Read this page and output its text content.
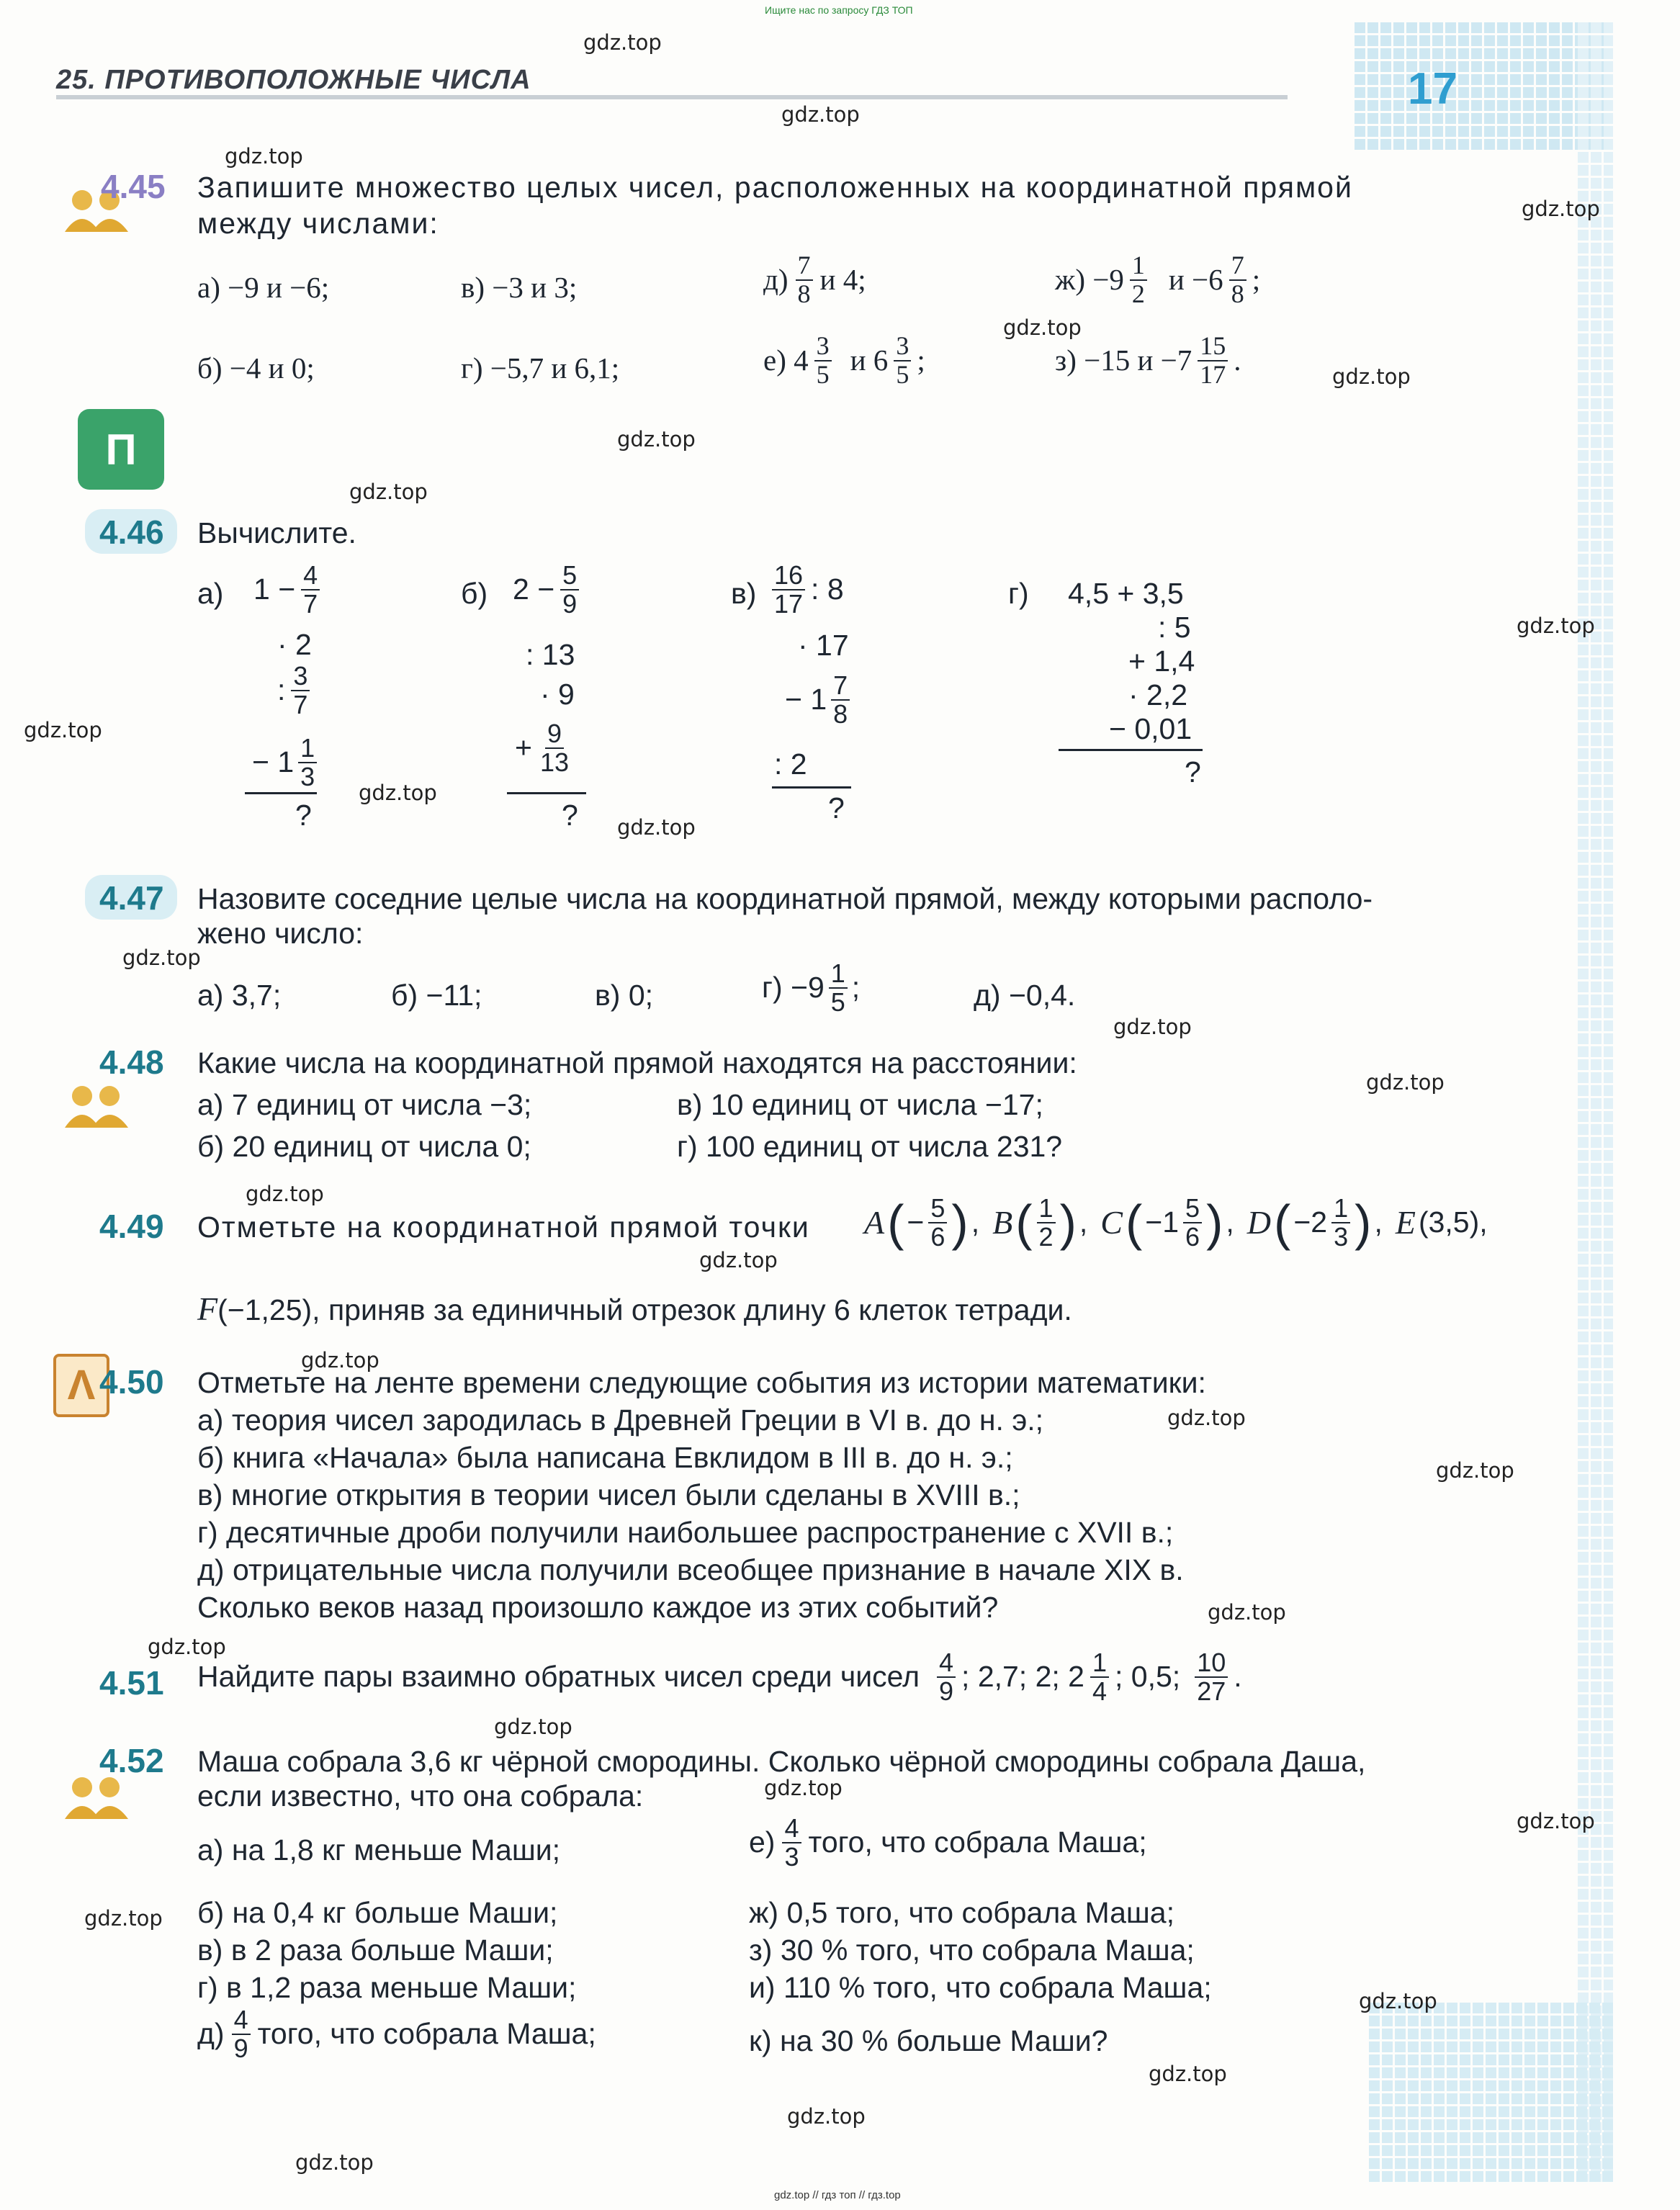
Ищите нас по запросу ГДЗ ТОП
25. ПРОТИВОПОЛОЖНЫЕ ЧИСЛА	17
gdz.top
gdz.top
gdz.top
gdz.top
gdz.top
gdz.top
gdz.top
gdz.top
gdz.top
gdz.top
gdz.top
gdz.top
gdz.top
gdz.top
gdz.top
gdz.top
gdz.top
gdz.top
gdz.top
gdz.top
gdz.top
gdz.top
gdz.top
gdz.top
gdz.top
gdz.top
gdz.top
gdz.top
gdz.top
gdz.top
П
Λ
4.45 Запишите множество целых чисел, расположенных на координатной прямой
между числами:
а) −9 и −6;	в) −3 и 3;	$д) \frac{7}{8}$ и 4;	$ж) -9 \frac{1}{2}$ $и -6 \frac{7}{8}$ ;
б) −4 и 0;	г) −5,7 и 6,1;	е) $4 \frac{3}{5}$ и $6 \frac{3}{5}$ ;	з) −15 $и -7 \frac{15}{17}$ .
4.46 Вычислите.
а) $1 - \frac{4}{7}$
· 2
: $\frac{3}{7}$
− $1 \frac{1}{3}$
?
б) $2 - \frac{5}{9}$
: 13
· 9
+ $\frac{9}{13}$
?
$в) \frac{16}{17}$ : 8
· 17
− $1 \frac{7}{8}$
: 2
?
г) 4,5 + 3,5
: 5
+ 1,4
· 2,2
− 0,01
?
4.47 Назовите соседние целые числа на координатной прямой, между которыми располо-
жено число:
а) 3,7;	б) −11;	в) 0;	$г) -9 \frac{1}{5}$ ;	д) −0,4.
4.48 Какие числа на координатной прямой находятся на расстоянии:
а) 7 единиц от числа −3;	в) 10 единиц от числа −17;
б) 20 единиц от числа 0;	г) 100 единиц от числа 231?
4.49 Отметьте на координатной прямой точки A ( − $\frac{5}{6}$ ) , B ( $\frac{1}{2}$ ) , C ( $-1 \frac{5}{6}$ ) , D ( $-2 \frac{1}{3}$ ) , E (3,5),
F(−1,25), приняв за единичный отрезок длину 6 клеток тетради.
4.50 Отметьте на ленте времени следующие события из истории математики:
а) теория чисел зародилась в Древней Греции в VI в. до н. э.;
б) книга «Начала» была написана Евклидом в III в. до н. э.;
в) многие открытия в теории чисел были сделаны в XVIII в.;
г) десятичные дроби получили наибольшее распространение с XVII в.;
д) отрицательные числа получили всеобщее признание в начале XIX в.
Сколько веков назад произошло каждое из этих событий?
4.51 Найдите пары взаимно обратных чисел среди чисел $\frac{4}{9}$ ; 2,7; 2; $2 \frac{1}{4}$ ; 0,5; $\frac{10}{27}$ .
4.52 Маша собрала 3,6 кг чёрной смородины. Сколько чёрной смородины собрала Даша,
если известно, что она собрала:
а) на 1,8 кг меньше Маши;	$е) \frac{4}{3}$ того, что собрала Маша;
б) на 0,4 кг больше Маши;	ж) 0,5 того, что собрала Маша;
в) в 2 раза больше Маши;	з) 30 % того, что собрала Маша;
г) в 1,2 раза меньше Маши;	и) 110 % того, что собрала Маша;
$д) \frac{4}{9}$ того, что собрала Маша;	к) на 30 % больше Маши?
gdz.top // гдз топ // гдз.top
